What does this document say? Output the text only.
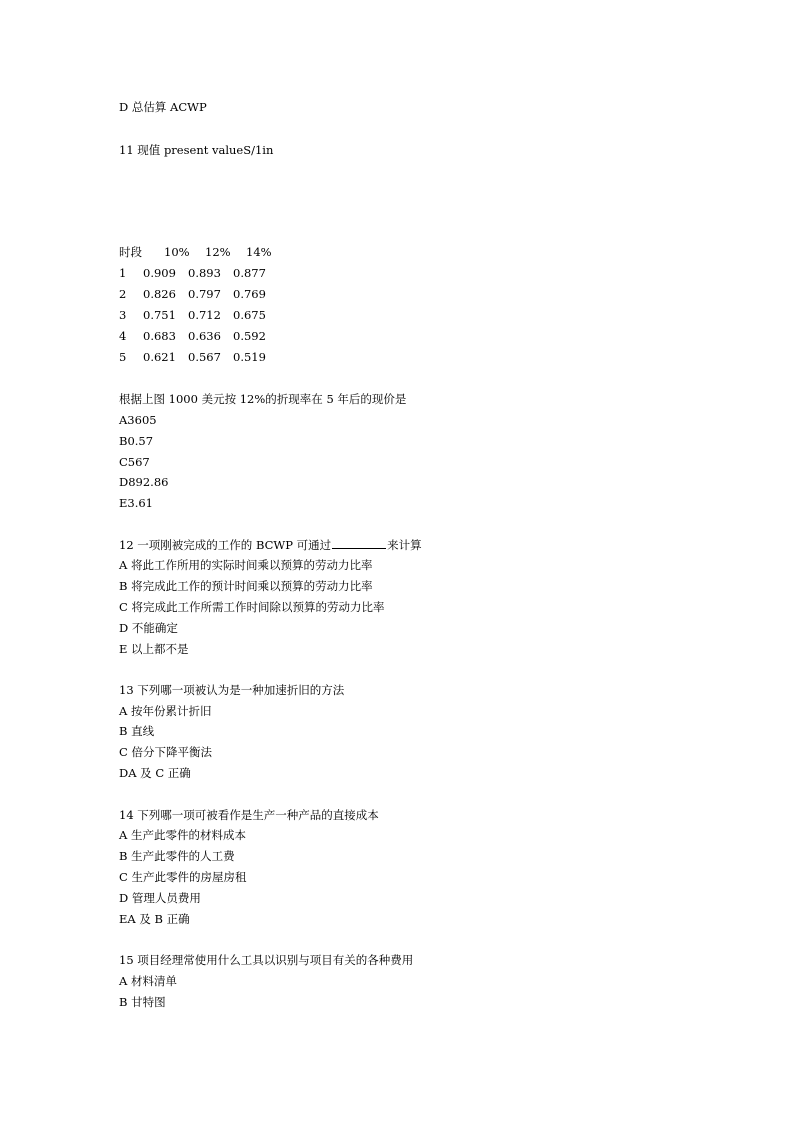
D 总估算 ACWP
11 现值 present valueS/1in
时段 10% 12% 14%
1 0.909 0.893 0.877
2 0.826 0.797 0.769
3 0.751 0.712 0.675
4 0.683 0.636 0.592
5 0.621 0.567 0.519
根据上图 1000 美元按 12%的折现率在 5 年后的现价是
A3605
B0.57
C567
D892.86
E3.61
12 一项刚被完成的工作的 BCWP 可通过	来计算
A 将此工作所用的实际时间乘以预算的劳动力比率
B 将完成此工作的预计时间乘以预算的劳动力比率
C 将完成此工作所需工作时间除以预算的劳动力比率
D 不能确定
E 以上都不是
13 下列哪一项被认为是一种加速折旧的方法
A 按年份累计折旧
B 直线
C 倍分下降平衡法
DA 及 C 正确
14 下列哪一项可被看作是生产一种产品的直接成本
A 生产此零件的材料成本
B 生产此零件的人工费
C 生产此零件的房屋房租
D 管理人员费用
EA 及 B 正确
15 项目经理常使用什么工具以识别与项目有关的各种费用
A 材料清单
B 甘特图
